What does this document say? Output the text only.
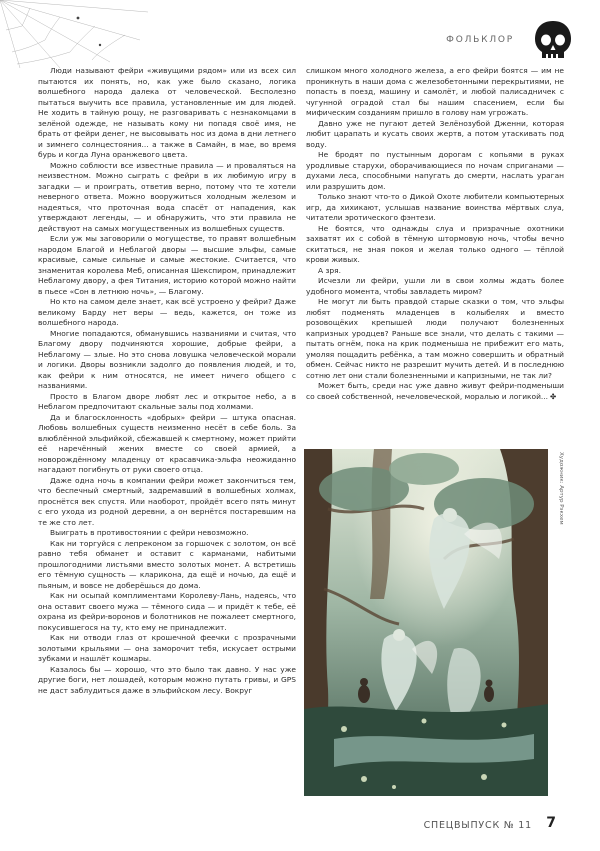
ФОЛЬКЛОР

Люди называют фейри «живущими рядом» или из всех сил пытаются их понять, но, как уже было сказано, логика волшебного народа далека от человеческой. Бесполезно пытаться выучить все правила, установленные им для людей. Не ходить в тайную рощу, не разговаривать с незнакомцами в зелёной одежде, не называть кому ни попадя своё имя, не брать от фейри денег, не высовывать нос из дома в дни летнего и зимнего солнцестояния... а также в Самайн, в мае, во время бурь и когда Луна оранжевого цвета.

Можно соблюсти все известные правила — и проваляться на неизвестном. Можно сыграть с фейри в их любимую игру в загадки — и проиграть, ответив верно, потому что те хотели неверного ответа. Можно вооружиться холодным железом и надеяться, что проточная вода спасёт от нападения, как утверждают легенды, — и обнаружить, что эти правила не действуют на самых могущественных из волшебных существ.

Если уж мы заговорили о могуществе, то правят волшебным народом Благой и Неблагой дворы — высшие эльфы, самые красивые, самые сильные и самые жестокие. Считается, что знаменитая королева Меб, описанная Шекспиром, принадлежит Неблагому двору, а фея Титания, историю которой можно найти в пьесе «Сон в летнюю ночь», — Благому.

Но кто на самом деле знает, как всё устроено у фейри? Даже великому Барду нет веры — ведь, кажется, он тоже из волшебного народа.

Многие попадаются, обманувшись названиями и считая, что Благому двору подчиняются хорошие, добрые фейри, а Неблагому — злые. Но это снова ловушка человеческой морали и логики. Дворы возникли задолго до появления людей, и то, как фейри к ним относятся, не имеет ничего общего с названиями.

Просто в Благом дворе любят лес и открытое небо, а в Неблагом предпочитают скальные залы под холмами.

Да и благосклонность «добрых» фейри — штука опасная. Любовь волшебных существ неизменно несёт в себе боль. За влюблённой эльфийкой, сбежавшей к смертному, может прийти её наречённый жених вместе со своей армией, а новорождённому младенцу от красавчика-эльфа неожиданно нагадают погибнуть от руки своего отца.

Даже одна ночь в компании фейри может закончиться тем, что беспечный смертный, задремавший в волшебных холмах, проснётся век спустя. Или наоборот, пройдёт всего пять минут с его ухода из родной деревни, а он вернётся постаревшим на те же сто лет.

Выиграть в противостоянии с фейри невозможно.

Как ни торгуйся с лепреконом за горшочек с золотом, он всё равно тебя обманет и оставит с карманами, набитыми прошлогодними листьями вместо золотых монет. А встретишь его тёмную сущность — клариконa, да ещё и ночью, да ещё и пьяным, и вовсе не доберёшься до дома.

Как ни осыпай комплиментами Королеву-Лань, надеясь, что она оставит своего мужа — тёмного сида — и придёт к тебе, её охрана из фейри-воронов и болотников не пожалеет смертного, покусившегося на ту, кто ему не принадлежит.

Как ни отводи глаз от крошечной феечки с прозрачными золотыми крыльями — она заморочит тебя, искусает острыми зубками и нашлёт кошмары.

Казалось бы — хорошо, что это было так давно. У нас уже другие боги, нет лошадей, которым можно путать гривы, и GPS не даст заблудиться даже в эльфийском лесу. Вокруг

слишком много холодного железа, а его фейри боятся — им не проникнуть в наши дома с железобетонными перекрытиями, не попасть в поезд, машину и самолёт, и любой палисадничек с чугунной оградой стал бы нашим спасением, если бы мифическим созданиям пришло в голову нам угрожать.

Давно уже не пугают детей Зелёнозубой Дженни, которая любит царапать и кусать своих жертв, а потом утаскивать под воду.

Не бродят по пустынным дорогам с копьями в руках уродливые старухи, оборачивающиеся по ночам сприганами — духами леса, способными напугать до смерти, наслать ураган или разрушить дом.

Только знают что-то о Дикой Охоте любители компьютерных игр, да хихикают, услышав название воинства мёртвых слуа, читатели эротического фэнтези.

Не боятся, что однажды слуа и призрачные охотники захватят их с собой в тёмную штормовую ночь, чтобы вечно скитаться, не зная покоя и желая только одного — тёплой крови живых.

А зря.

Исчезли ли фейри, ушли ли в свои холмы ждать более удобного момента, чтобы завладеть миром?

Не могут ли быть правдой старые сказки о том, что эльфы любят подменять младенцев в колыбелях и вместо розовощёких крепышей люди получают болезненных капризных уродцев? Раньше все знали, что делать с такими — пытать огнём, пока на крик подменыша не прибежит его мать, умоляя пощадить ребёнка, а там можно совершить и обратный обмен. Сейчас никто не разрешит мучить детей. И в последнюю сотню лет они стали болезненными и капризными, не так ли?

Может быть, среди нас уже давно живут фейри-подменыши со своей собственной, нечеловеческой, моралью и логикой... ✤

Художник: Артур Рэкхем
СПЕЦВЫПУСК № 11 7
